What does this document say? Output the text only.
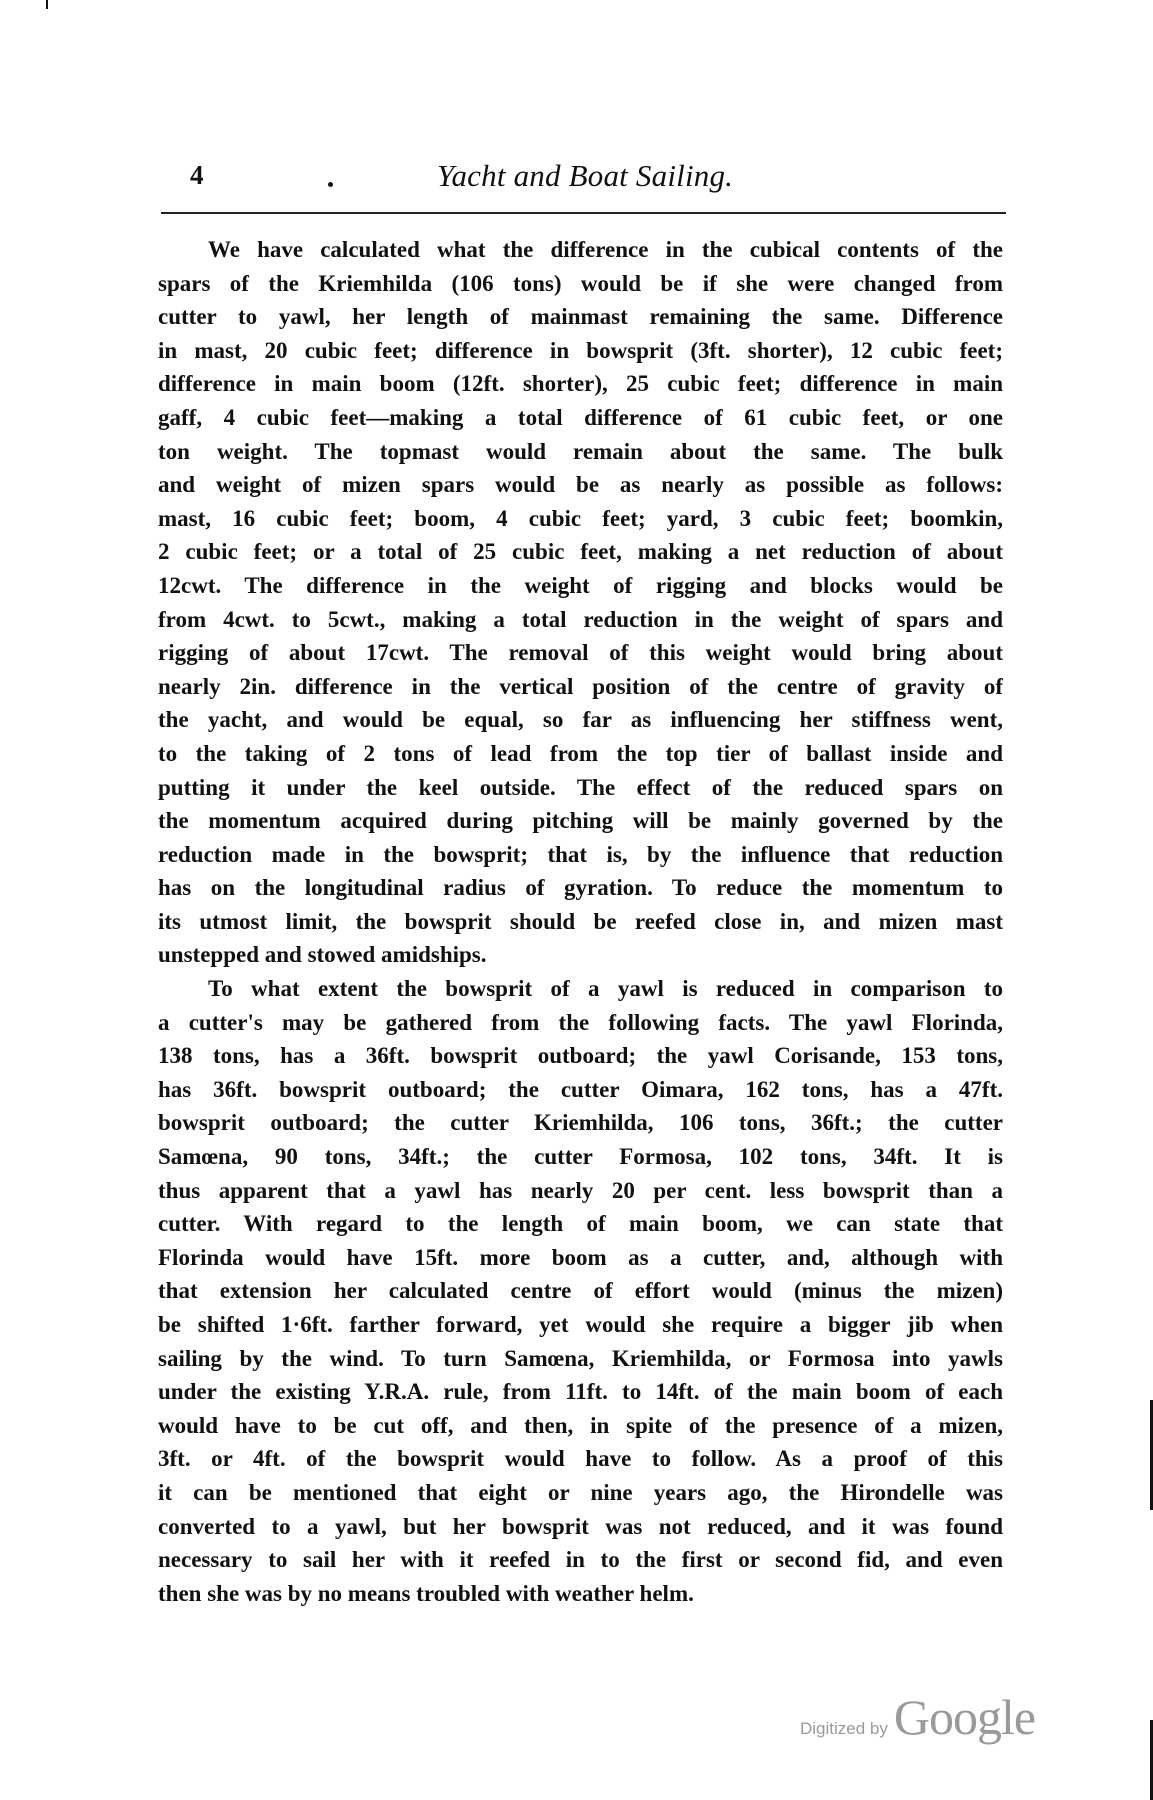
4	Yacht and Boat Sailing.
We have calculated what the difference in the cubical contents of the
spars of the Kriemhilda (106 tons) would be if she were changed from
cutter to yawl, her length of mainmast remaining the same. Difference
in mast, 20 cubic feet; difference in bowsprit (3ft. shorter), 12 cubic feet;
difference in main boom (12ft. shorter), 25 cubic feet; difference in main
gaff, 4 cubic feet—making a total difference of 61 cubic feet, or one
ton weight. The topmast would remain about the same. The bulk
and weight of mizen spars would be as nearly as possible as follows:
mast, 16 cubic feet; boom, 4 cubic feet; yard, 3 cubic feet; boomkin,
2 cubic feet; or a total of 25 cubic feet, making a net reduction of about
12cwt. The difference in the weight of rigging and blocks would be
from 4cwt. to 5cwt., making a total reduction in the weight of spars and
rigging of about 17cwt. The removal of this weight would bring about
nearly 2in. difference in the vertical position of the centre of gravity of
the yacht, and would be equal, so far as influencing her stiffness went,
to the taking of 2 tons of lead from the top tier of ballast inside and
putting it under the keel outside. The effect of the reduced spars on
the momentum acquired during pitching will be mainly governed by the
reduction made in the bowsprit; that is, by the influence that reduction
has on the longitudinal radius of gyration. To reduce the momentum to
its utmost limit, the bowsprit should be reefed close in, and mizen mast
unstepped and stowed amidships.
To what extent the bowsprit of a yawl is reduced in comparison to
a cutter's may be gathered from the following facts. The yawl Florinda,
138 tons, has a 36ft. bowsprit outboard; the yawl Corisande, 153 tons,
has 36ft. bowsprit outboard; the cutter Oimara, 162 tons, has a 47ft.
bowsprit outboard; the cutter Kriemhilda, 106 tons, 36ft.; the cutter
Samœna, 90 tons, 34ft.; the cutter Formosa, 102 tons, 34ft. It is
thus apparent that a yawl has nearly 20 per cent. less bowsprit than a
cutter. With regard to the length of main boom, we can state that
Florinda would have 15ft. more boom as a cutter, and, although with
that extension her calculated centre of effort would (minus the mizen)
be shifted 1·6ft. farther forward, yet would she require a bigger jib when
sailing by the wind. To turn Samœna, Kriemhilda, or Formosa into yawls
under the existing Y.R.A. rule, from 11ft. to 14ft. of the main boom of each
would have to be cut off, and then, in spite of the presence of a mizen,
3ft. or 4ft. of the bowsprit would have to follow. As a proof of this
it can be mentioned that eight or nine years ago, the Hirondelle was
converted to a yawl, but her bowsprit was not reduced, and it was found
necessary to sail her with it reefed in to the first or second fid, and even
then she was by no means troubled with weather helm.
Digitized by Google
